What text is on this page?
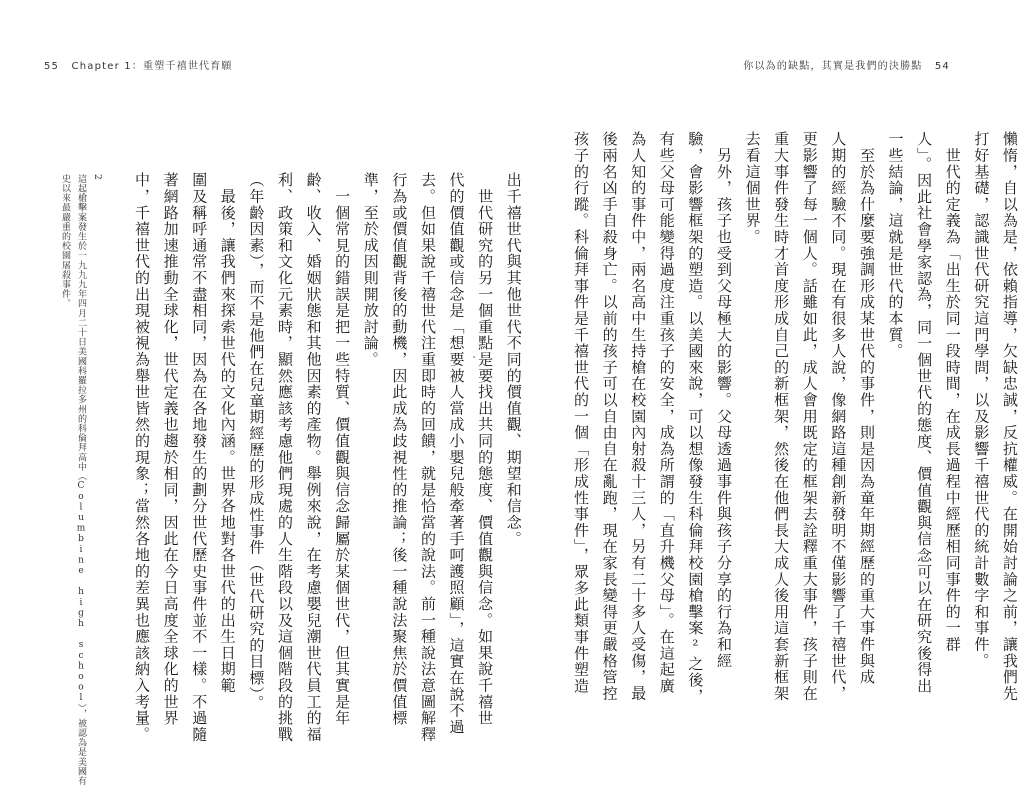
55 Chapter 1：重塑千禧世代育願	你以為的缺點，其實是我們的決勝點 54
懶惰，自以為是，依賴指導，欠缺忠誠，反抗權威。在開始討論之前，讓我們先
打好基礎，認識世代研究這門學問，以及影響千禧世代的統計數字和事件。
　世代的定義為「出生於同一段時間，在成長過程中經歷相同事件的一群
人」。因此社會學家認為，同一個世代的態度、價值觀與信念可以在研究後得出
一些結論，這就是世代的本質。
　至於為什麼要強調形成某世代的事件，則是因為童年期經歷的重大事件與成
人期的經驗不同。現在有很多人說，像網路這種創新發明不僅影響了千禧世代，
更影響了每一個人。話雖如此，成人會用既定的框架去詮釋重大事件，孩子則在
重大事件發生時才首度形成自己的新框架，然後在他們長大成人後用這套新框架
去看這個世界。
　另外，孩子也受到父母極大的影響。父母透過事件與孩子分享的行為和經
驗，會影響框架的塑造。以美國來說，可以想像發生科倫拜校園槍擊案²之後，
有些父母可能變得過度注重孩子的安全，成為所謂的「直升機父母」。在這起廣
為人知的事件中，兩名高中生持槍在校園內射殺十三人，另有二十多人受傷，最
後兩名凶手自殺身亡。以前的孩子可以自由自在亂跑，現在家長變得更嚴格管控
孩子的行蹤。科倫拜事件是千禧世代的一個「形成性事件」，眾多此類事件塑造
出千禧世代與其他世代不同的價值觀、期望和信念。
　世代研究的另一個重點是要找出共同的態度、價值觀與信念。如果說千禧世
代的價值觀或信念是「想要被人當成小嬰兒般牽著手呵護照顧」，這實在說不過
去。但如果說千禧世代注重即時的回饋，就是恰當的說法。前一種說法意圖解釋
行為或價值觀背後的動機，因此成為歧視性的推論；後一種說法聚焦於價值標
準，至於成因則開放討論。
　一個常見的錯誤是把一些特質、價值觀與信念歸屬於某個世代，但其實是年
齡、收入、婚姻狀態和其他因素的產物。舉例來說，在考慮嬰兒潮世代員工的福
利、政策和文化元素時，顯然應該考慮他們現處的人生階段以及這個階段的挑戰
（年齡因素），而不是他們在兒童期經歷的形成性事件（世代研究的目標）。
　最後，讓我們來探索世代的文化內涵。世界各地對各世代的出生日期範
圍及稱呼通常不盡相同，因為在各地發生的劃分世代歷史事件並不一樣。不過隨
著網路加速推動全球化，世代定義也趨於相同，因此在今日高度全球化的世界
中，千禧世代的出現被視為舉世皆然的現象；當然各地的差異也應該納入考量。
2
這起槍擊案發生於一九九九年四月二十日美國科羅拉多州的科倫拜高中（Columbine high school），被認為是美國有
史以來最嚴重的校園屠殺事件。
